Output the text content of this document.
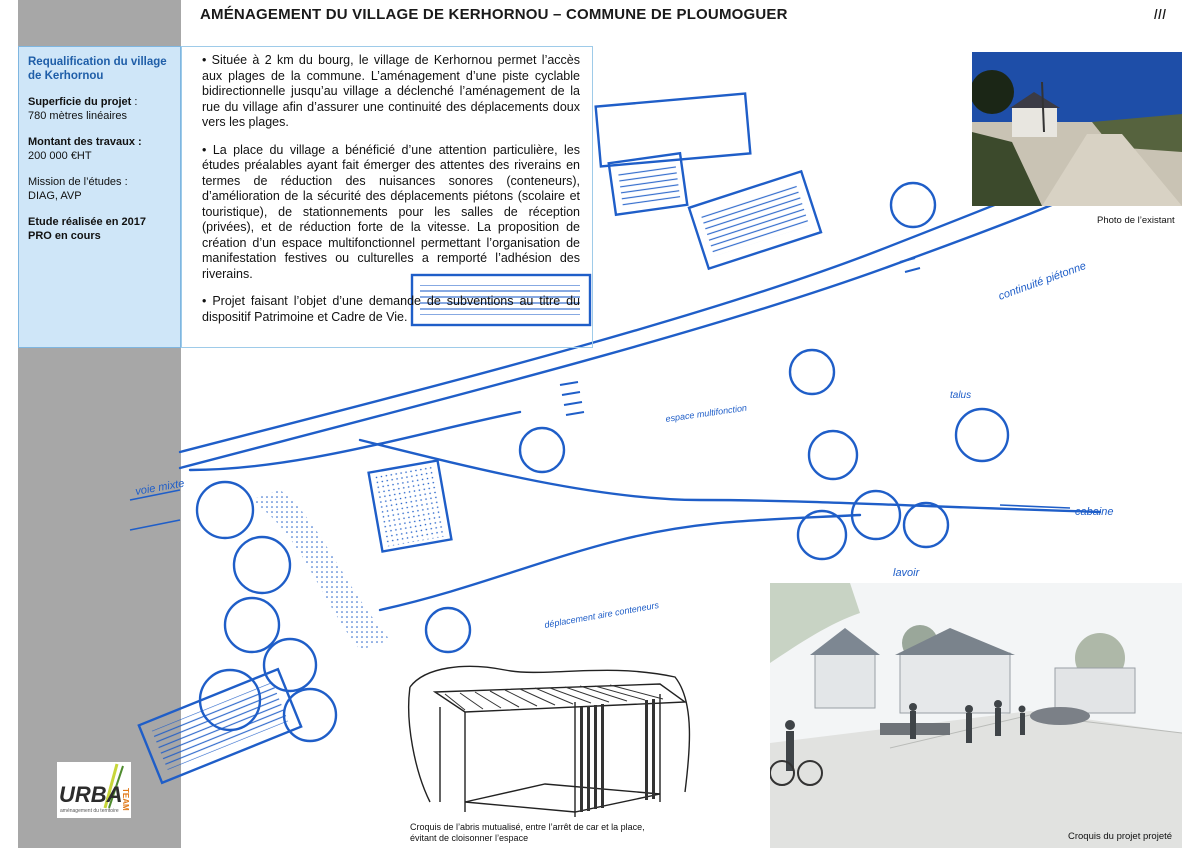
continuité piétonne
voie mixte
cabaine
lavoir
espace multifonction
déplacement aire conteneurs
talus
AMÉNAGEMENT DU VILLAGE DE KERHORNOU – COMMUNE DE PLOUMOGUER	III
Requalification du village de Kerhornou
Superficie du projet :
780 mètres linéaires
Montant des travaux :
200 000 €HT
Mission de l’études :
DIAG, AVP
Etude réalisée en 2017
PRO en cours

• Située à 2 km du bourg, le village de Kerhornou permet l’accès aux plages de la commune. L’aménagement d’une piste cyclable bidirectionnelle jusqu’au village a déclenché l’aménagement de la rue du village afin d’assurer une continuité des déplacements doux vers les plages.

• La place du village a bénéficié d’une attention particulière, les études préalables ayant fait émerger des attentes des riverains en termes de réduction des nuisances sonores (conteneurs), d’amélioration de la sécurité des déplacements piétons (scolaire et touristique), de stationnements pour les salles de réception (privées), et de réduction forte de la vitesse. La proposition de création d’un espace multifonctionnel permettant l’organisation de manifestation festives ou culturelles a remporté l’adhésion des riverains.

• Projet faisant l’objet d’une demande de subventions au titre du dispositif Patrimoine et Cadre de Vie.

Photo de l’existant
Croquis de l’abris mutualisé, entre l’arrêt de car et la place,
évitant de cloisonner l’espace	Croquis du projet projeté
URBA
TEAM
aménagement du territoire
